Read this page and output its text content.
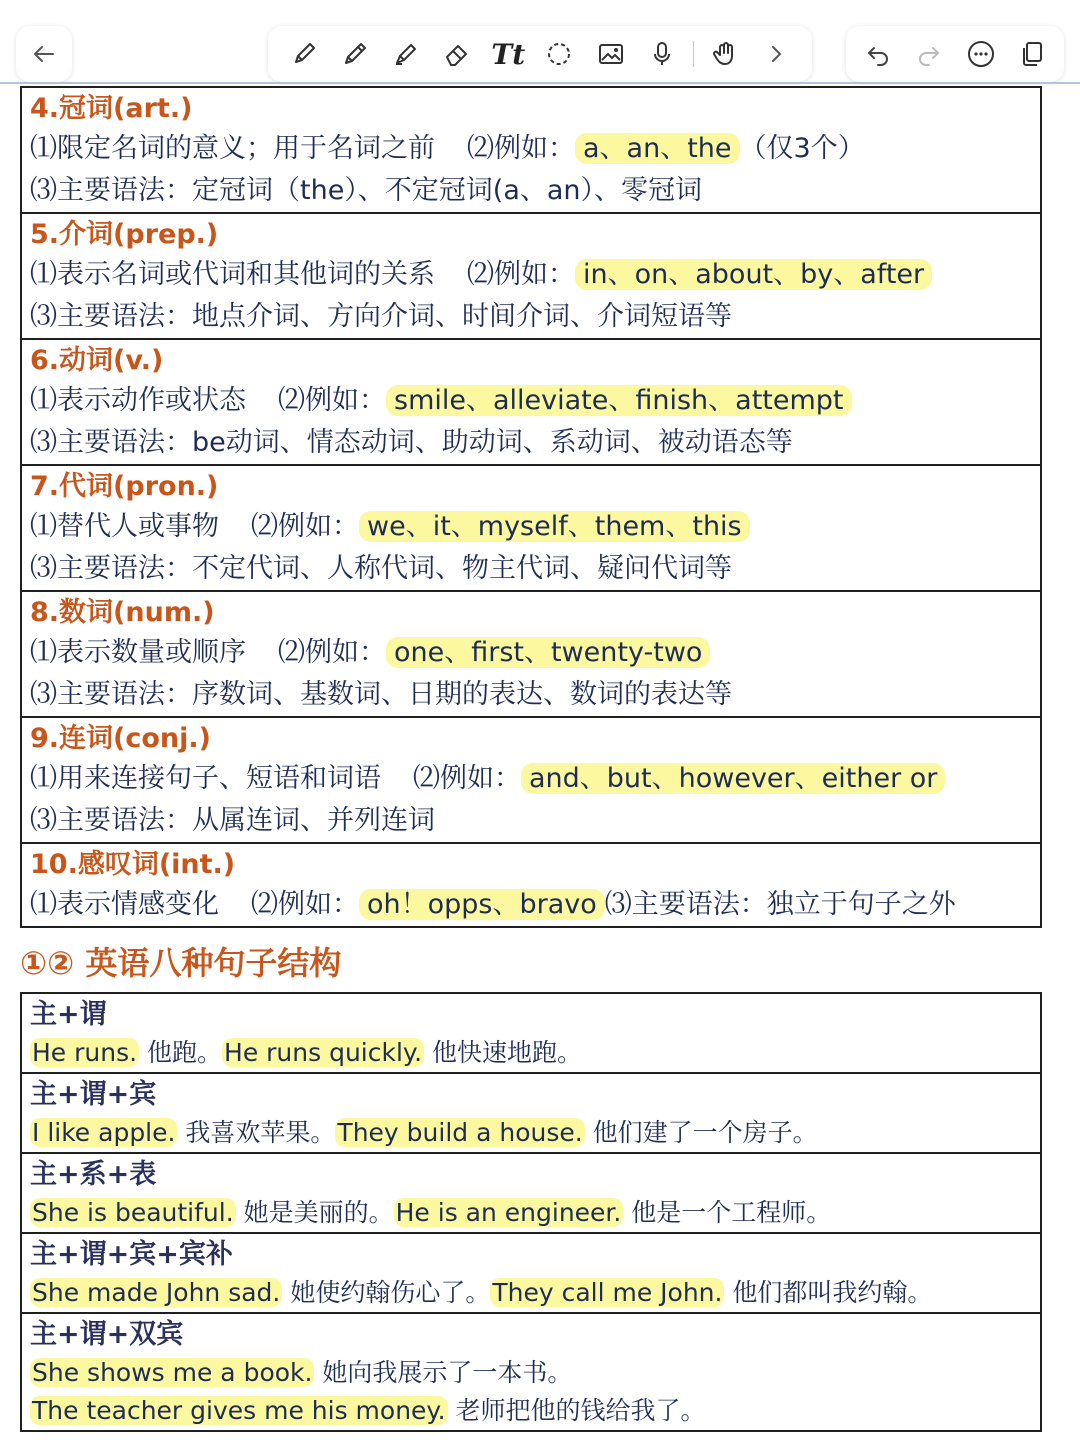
Tt
4.冠词(art.)
⑴限定名词的意义；用于名词之前 ⑵例如： a、an、the （仅3个）
⑶主要语法：定冠词（the）、不定冠词(a、an）、零冠词
5.介词(prep.)
⑴表示名词或代词和其他词的关系 ⑵例如： in、on、about、by、after
⑶主要语法：地点介词、方向介词、时间介词、介词短语等
6.动词(v.)
⑴表示动作或状态 ⑵例如： smile、alleviate、finish、attempt
⑶主要语法：be动词、情态动词、助动词、系动词、被动语态等
7.代词(pron.)
⑴替代人或事物 ⑵例如： we、it、myself、them、this
⑶主要语法：不定代词、人称代词、物主代词、疑问代词等
8.数词(num.)
⑴表示数量或顺序 ⑵例如： one、first、twenty-two
⑶主要语法：序数词、基数词、日期的表达、数词的表达等
9.连词(conj.)
⑴用来连接句子、短语和词语 ⑵例如： and、but、however、either or
⑶主要语法：从属连词、并列连词
10.感叹词(int.)
⑴表示情感变化 ⑵例如： oh！opps、bravo ⑶主要语法：独立于句子之外
①② 英语八种句子结构
主+谓
He runs. 他跑。He runs quickly. 他快速地跑。
主+谓+宾
I like apple. 我喜欢苹果。They build a house. 他们建了一个房子。
主+系+表
She is beautiful. 她是美丽的。He is an engineer. 他是一个工程师。
主+谓+宾+宾补
She made John sad. 她使约翰伤心了。They call me John. 他们都叫我约翰。
主+谓+双宾
She shows me a book. 她向我展示了一本书。
The teacher gives me his money. 老师把他的钱给我了。
